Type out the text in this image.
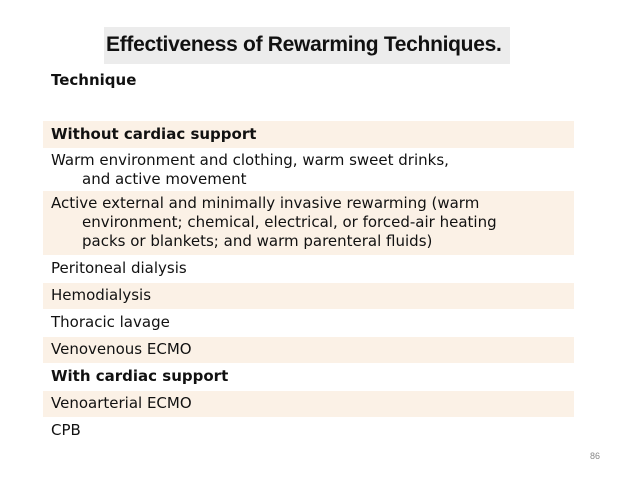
Effectiveness of Rewarming Techniques.
Technique
Without cardiac support
Warm environment and clothing, warm sweet drinks,
and active movement
Active external and minimally invasive rewarming (warm
environment; chemical, electrical, or forced-air heating
packs or blankets; and warm parenteral fluids)
Peritoneal dialysis
Hemodialysis
Thoracic lavage
Venovenous ECMO
With cardiac support
Venoarterial ECMO
CPB
86
